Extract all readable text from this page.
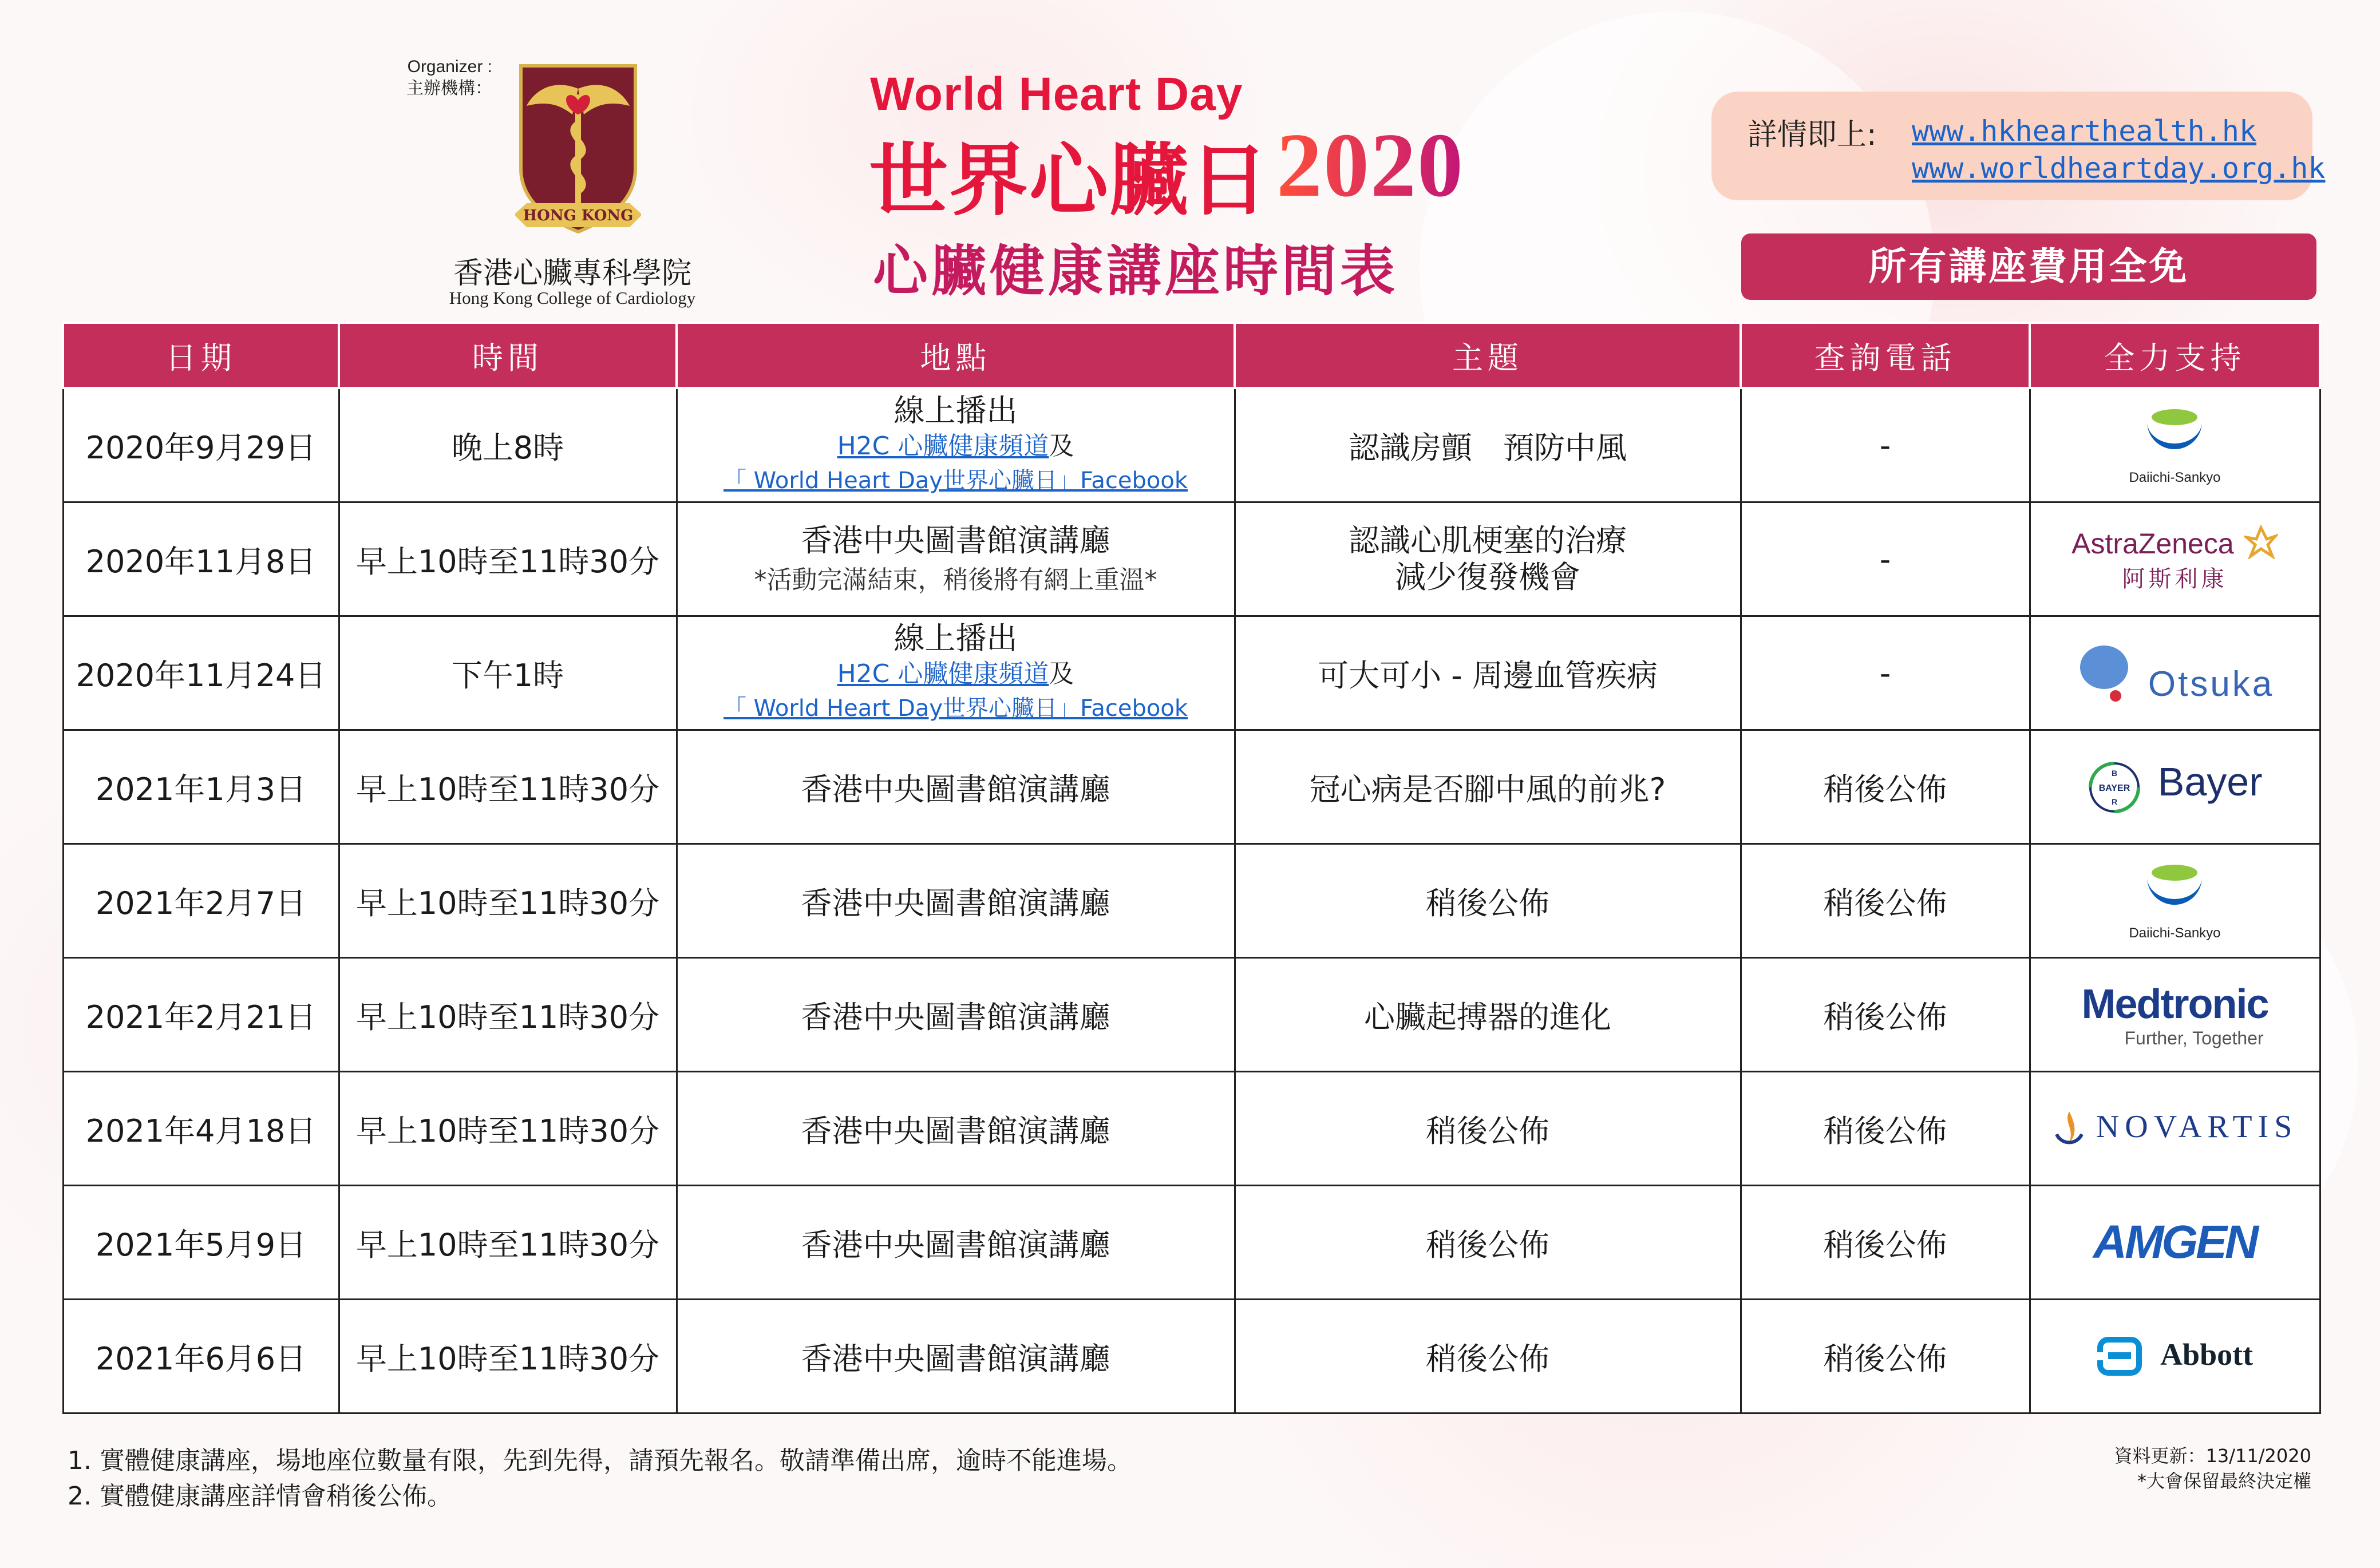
Organizer :
主辦機構：
HONG KONG
香港心臟專科學院
Hong Kong College of Cardiology
World Heart Day
世界心臟日 2020
心臟健康講座時間表
詳情即上: www.hkhearthealth.hk
www.worldheartday.org.hk
所有講座費用全免
日期	時間	地點	主題	查詢電話	全力支持
2020年9月29日	晚上8時	線上播出
H2C 心臟健康頻道及
「 World Heart Day世界心臟日」Facebook	認識房顫　預防中風	-	Daiichi-Sankyo

2020年11月8日	早上10時至11時30分	香港中央圖書館演講廳
*活動完滿結束，稍後將有網上重溫*	認識心肌梗塞的治療
減少復發機會	-	AstraZeneca
阿斯利康

2020年11月24日	下午1時	線上播出
H2C 心臟健康頻道及
「 World Heart Day世界心臟日」Facebook	可大可小 - 周邊血管疾病	-	Otsuka
2021年1月3日	早上10時至11時30分	香港中央圖書館演講廳	冠心病是否腳中風的前兆?	稍後公佈	BAYER
B
R Bayer
2021年2月7日	早上10時至11時30分	香港中央圖書館演講廳	稍後公佈	稍後公佈	Daiichi-Sankyo

2021年2月21日	早上10時至11時30分	香港中央圖書館演講廳	心臟起搏器的進化	稍後公佈	Medtronic
Further, Together

2021年4月18日	早上10時至11時30分	香港中央圖書館演講廳	稍後公佈	稍後公佈	NOVARTIS
2021年5月9日	早上10時至11時30分	香港中央圖書館演講廳	稍後公佈	稍後公佈	AMGEN
2021年6月6日	早上10時至11時30分	香港中央圖書館演講廳	稍後公佈	稍後公佈	Abbott
1. 實體健康講座，場地座位數量有限，先到先得，請預先報名。敬請準備出席，逾時不能進場。
2. 實體健康講座詳情會稍後公佈。
資料更新：13/11/2020
*大會保留最終決定權
